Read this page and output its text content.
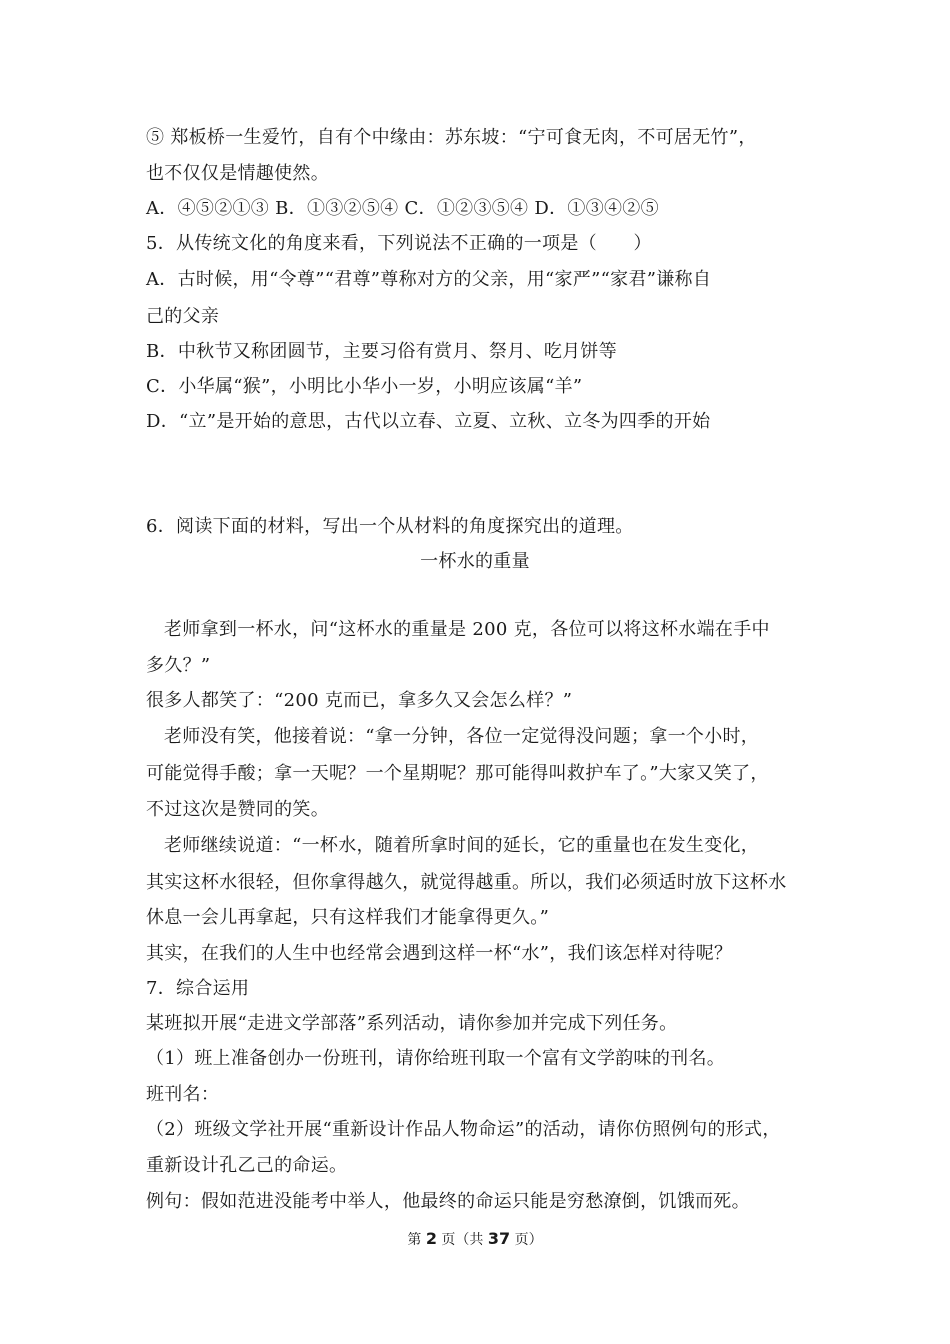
⑤ 郑板桥一生爱竹，自有个中缘由：苏东坡：“宁可食无肉，不可居无竹”，
也不仅仅是情趣使然。
A．④⑤②①③ B．①③②⑤④ C．①②③⑤④ D．①③④②⑤
5．从传统文化的角度来看，下列说法不正确的一项是（　　）
A．古时候，用“令尊”“君尊”尊称对方的父亲，用“家严”“家君”谦称自
己的父亲
B．中秋节又称团圆节，主要习俗有赏月、祭月、吃月饼等
C．小华属“猴”，小明比小华小一岁，小明应该属“羊”
D．“立”是开始的意思，古代以立春、立夏、立秋、立冬为四季的开始
6．阅读下面的材料，写出一个从材料的角度探究出的道理。
一杯水的重量
老师拿到一杯水，问“这杯水的重量是 200 克，各位可以将这杯水端在手中
多久？”
很多人都笑了：“200 克而已，拿多久又会怎么样？”
老师没有笑，他接着说：“拿一分钟，各位一定觉得没问题；拿一个小时，
可能觉得手酸；拿一天呢？一个星期呢？那可能得叫救护车了。”大家又笑了，
不过这次是赞同的笑。
老师继续说道：“一杯水，随着所拿时间的延长，它的重量也在发生变化，
其实这杯水很轻，但你拿得越久，就觉得越重。所以，我们必须适时放下这杯水
休息一会儿再拿起，只有这样我们才能拿得更久。”
其实，在我们的人生中也经常会遇到这样一杯“水”，我们该怎样对待呢？
7．综合运用
某班拟开展“走进文学部落”系列活动，请你参加并完成下列任务。
（1）班上准备创办一份班刊，请你给班刊取一个富有文学韵味的刊名。
班刊名：
（2）班级文学社开展“重新设计作品人物命运”的活动，请你仿照例句的形式，
重新设计孔乙己的命运。
例句：假如范进没能考中举人，他最终的命运只能是穷愁潦倒，饥饿而死。
第 2 页（共 37 页）
